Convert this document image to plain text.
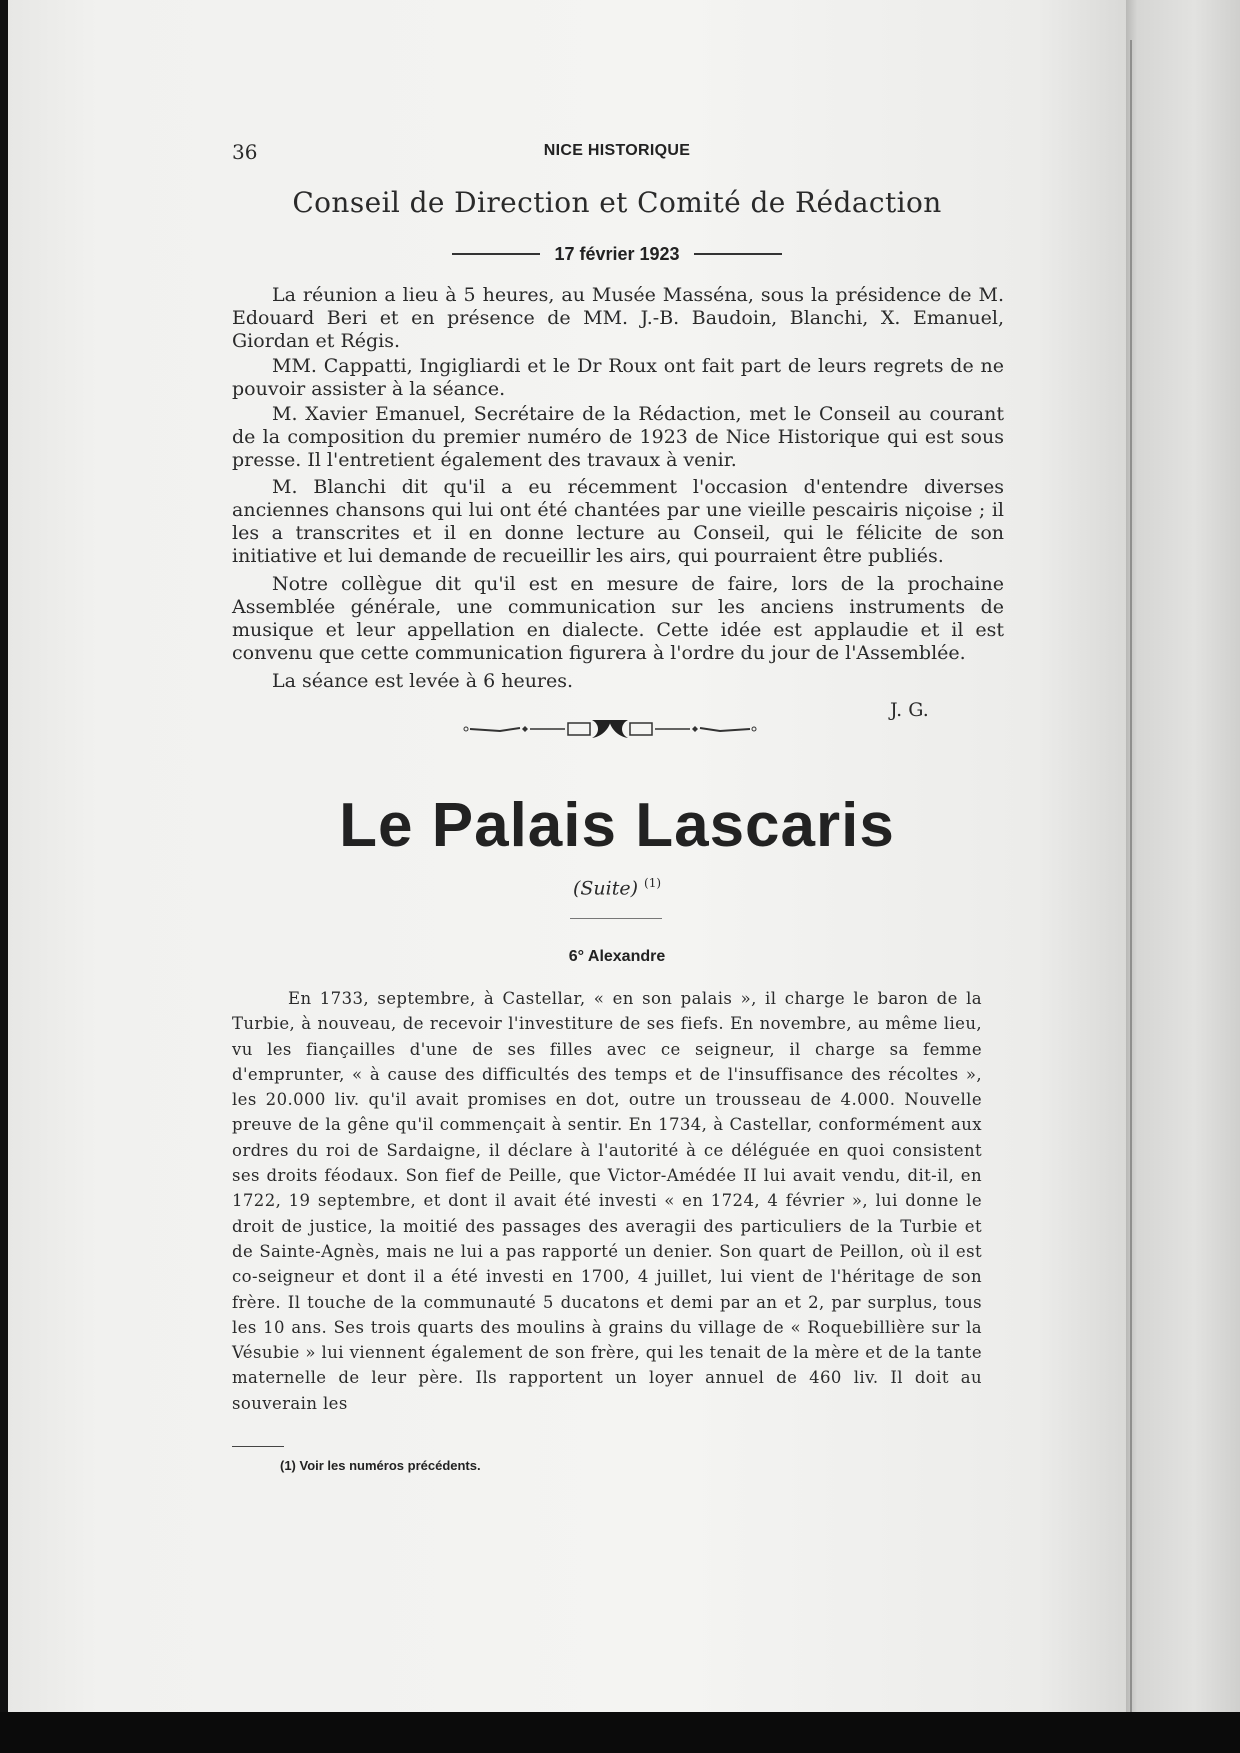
36	NICE HISTORIQUE
Conseil de Direction et Comité de Rédaction
17 février 1923

La réunion a lieu à 5 heures, au Musée Masséna, sous la présidence de M. Edouard Beri et en présence de MM. J.-B. Baudoin, Blanchi, X. Emanuel, Giordan et Régis.

MM. Cappatti, Ingigliardi et le Dr Roux ont fait part de leurs regrets de ne pouvoir assister à la séance.

M. Xavier Emanuel, Secrétaire de la Rédaction, met le Conseil au courant de la composition du premier numéro de 1923 de Nice Historique qui est sous presse. Il l'entretient également des travaux à venir.

M. Blanchi dit qu'il a eu récemment l'occasion d'entendre diverses anciennes chansons qui lui ont été chantées par une vieille pescairis niçoise ; il les a transcrites et il en donne lecture au Conseil, qui le félicite de son initiative et lui demande de recueillir les airs, qui pourraient être publiés.

Notre collègue dit qu'il est en mesure de faire, lors de la prochaine Assemblée générale, une communication sur les anciens instruments de musique et leur appellation en dialecte. Cette idée est applaudie et il est convenu que cette communication figurera à l'ordre du jour de l'Assemblée.

La séance est levée à 6 heures.

J. G.
Le Palais Lascaris
(Suite) $^{(1)}$
6° Alexandre

En 1733, septembre, à Castellar, « en son palais », il charge le baron de la Turbie, à nouveau, de recevoir l'investiture de ses fiefs. En novembre, au même lieu, vu les fiançailles d'une de ses filles avec ce seigneur, il charge sa femme d'emprunter, « à cause des difficultés des temps et de l'insuffisance des récoltes », les 20.000 liv. qu'il avait promises en dot, outre un trousseau de 4.000. Nouvelle preuve de la gêne qu'il commençait à sentir. En 1734, à Castellar, conformément aux ordres du roi de Sardaigne, il déclare à l'autorité à ce déléguée en quoi consistent ses droits féodaux. Son fief de Peille, que Victor-Amédée II lui avait vendu, dit-il, en 1722, 19 septembre, et dont il avait été investi « en 1724, 4 février », lui donne le droit de justice, la moitié des passages des averagii des particuliers de la Turbie et de Sainte-Agnès, mais ne lui a pas rapporté un denier. Son quart de Peillon, où il est co-seigneur et dont il a été investi en 1700, 4 juillet, lui vient de l'héritage de son frère. Il touche de la communauté 5 ducatons et demi par an et 2, par surplus, tous les 10 ans. Ses trois quarts des moulins à grains du village de « Roquebillière sur la Vésubie » lui viennent également de son frère, qui les tenait de la mère et de la tante maternelle de leur père. Ils rapportent un loyer annuel de 460 liv. Il doit au souverain les

(1) Voir les numéros précédents.
